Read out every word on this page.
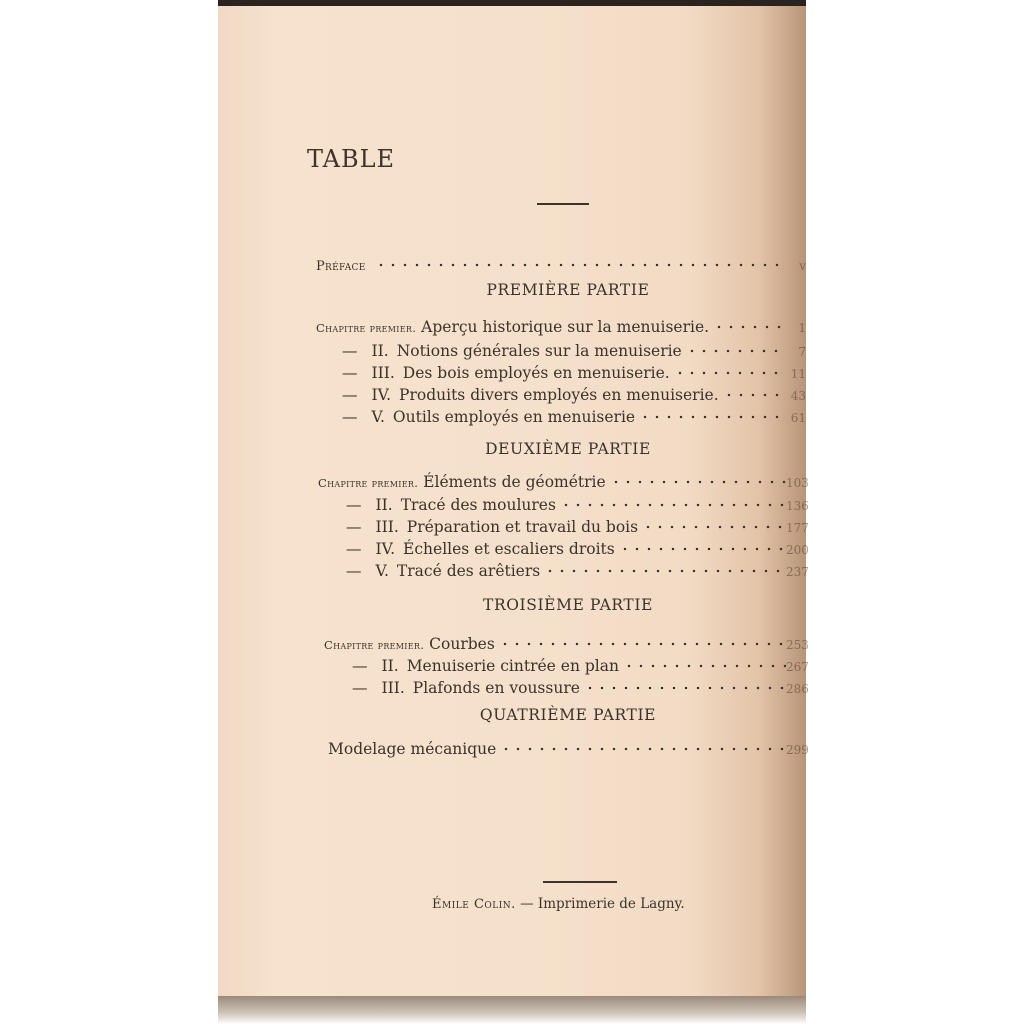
TABLE
Préface	v
PREMIÈRE PARTIE
DEUXIÈME PARTIE
TROISIÈME PARTIE
QUATRIÈME PARTIE
Chapitre premier. Aperçu historique sur la menuiserie.	1
— II. Notions générales sur la menuiserie	7
— III. Des bois employés en menuiserie.	11
— IV. Produits divers employés en menuiserie.	43
— V. Outils employés en menuiserie	61
Chapitre premier. Éléments de géométrie	103
— II. Tracé des moulures	136
— III. Préparation et travail du bois	177
— IV. Échelles et escaliers droits	200
— V. Tracé des arêtiers	237
Chapitre premier. Courbes	253
— II. Menuiserie cintrée en plan	267
— III. Plafonds en voussure	286
Modelage mécanique	299
Émile Colin. — Imprimerie de Lagny.
